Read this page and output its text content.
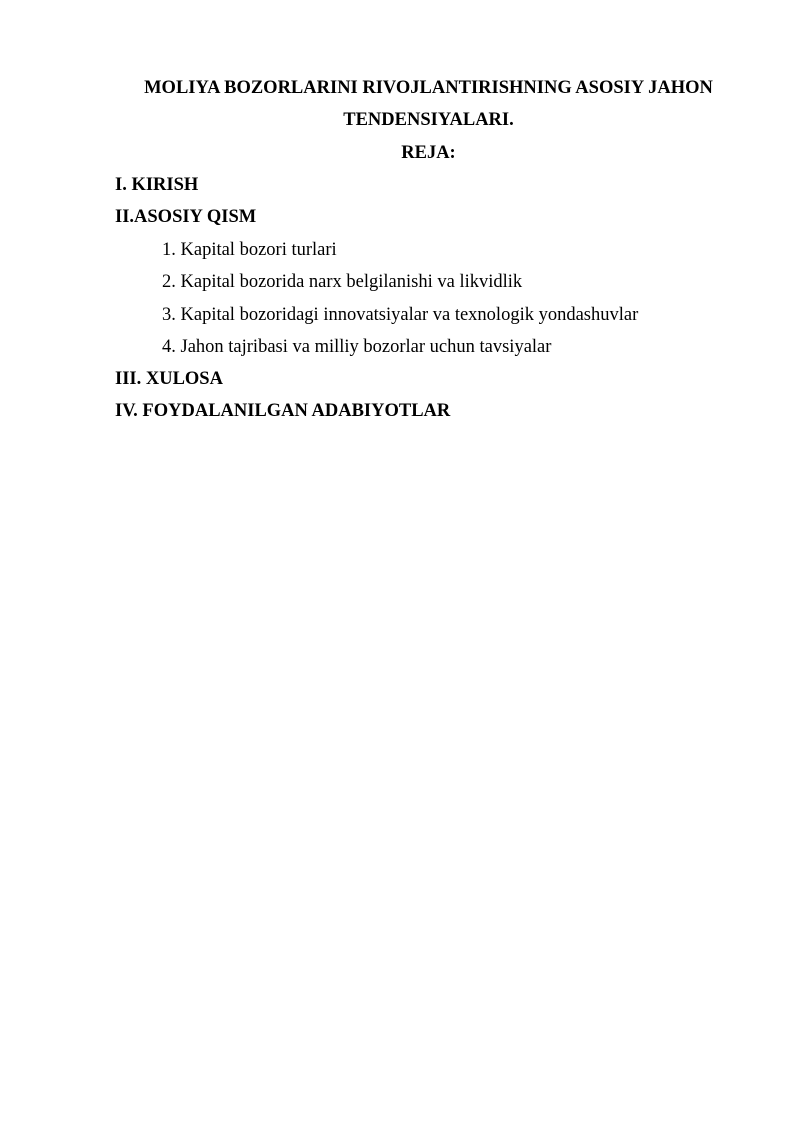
MOLIYA BOZORLARINI RIVOJLANTIRISHNING ASOSIY JAHON

TENDENSIYALARI.

REJA:

I. KIRISH

II.ASOSIY QISM

1. Kapital bozori turlari

2. Kapital bozorida narx belgilanishi va likvidlik

3. Kapital bozoridagi innovatsiyalar va texnologik yondashuvlar

4. Jahon tajribasi va milliy bozorlar uchun tavsiyalar

III. XULOSA

IV. FOYDALANILGAN ADABIYOTLAR
